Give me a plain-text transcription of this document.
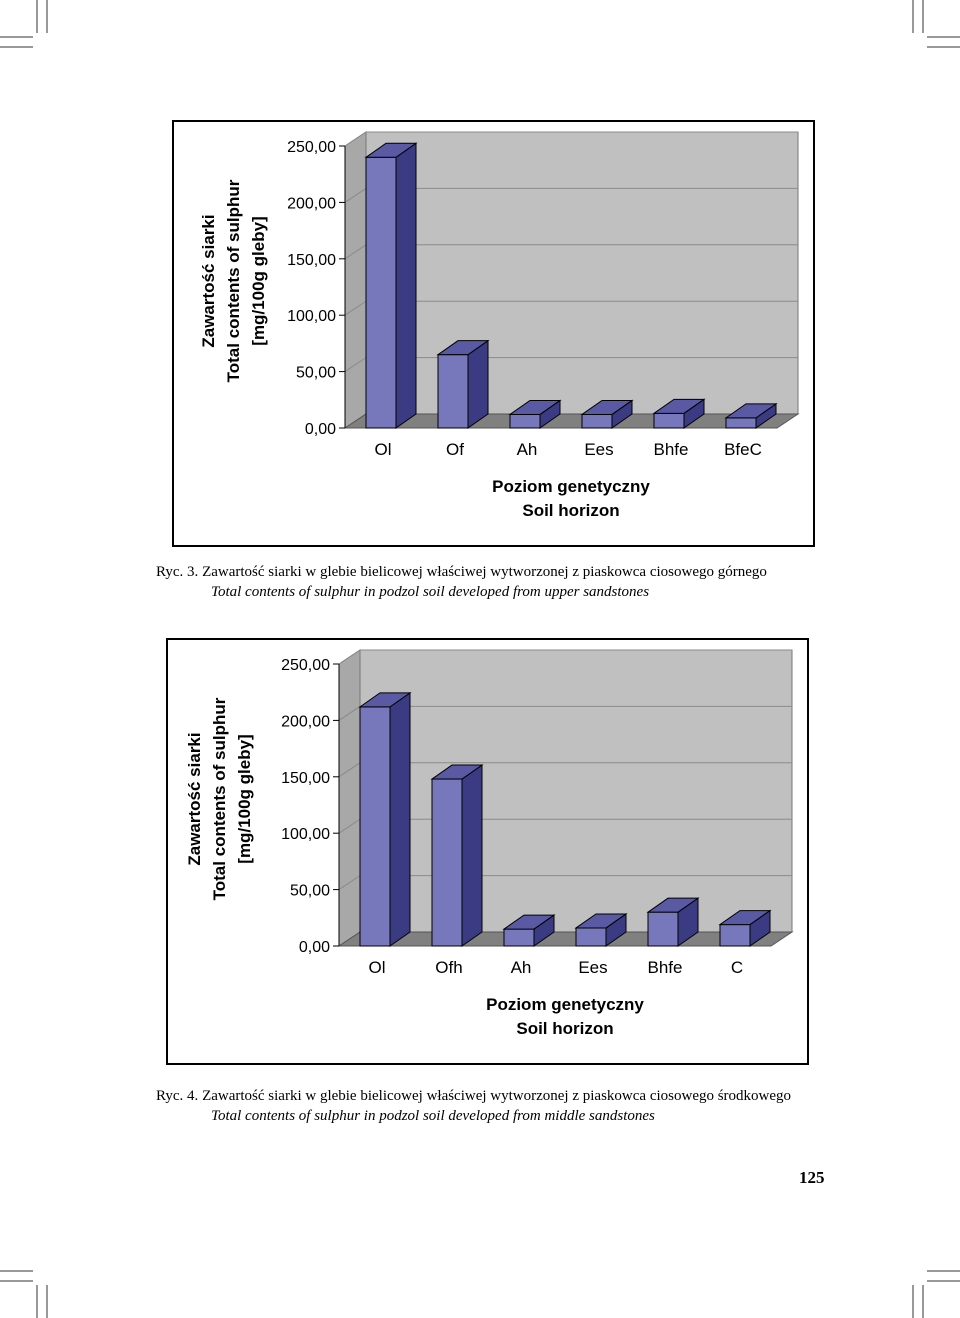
0,00
50,00
100,00
150,00
200,00
250,00
Ol	Of	Ah	Ees Bhfe BfeC
Poziom genetyczny
Soil horizon
Zawartość siarki Total contents of sulphur [mg/100g gleby]
Ryc. 3. Zawartość siarki w glebie bielicowej właściwej wytworzonej z piaskowca ciosowego górnego
Total contents of sulphur in podzol soil developed from upper sandstones
0,00
50,00
100,00
150,00
200,00
250,00
Ol	Ofh	Ah	Ees Bhfe	C
Poziom genetyczny
Soil horizon
Zawartość siarki Total contents of sulphur [mg/100g gleby]
Ryc. 4. Zawartość siarki w glebie bielicowej właściwej wytworzonej z piaskowca ciosowego środkowego
Total contents of sulphur in podzol soil developed from middle sandstones
125
